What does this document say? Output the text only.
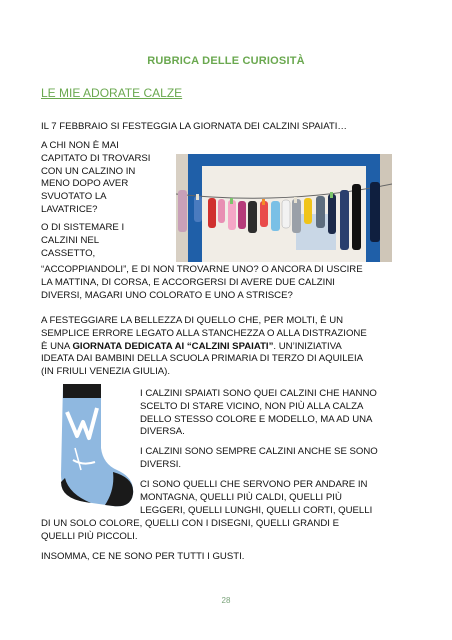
RUBRICA DELLE CURIOSITÀ
LE MIE ADORATE CALZE

IL 7 FEBBRAIO SI FESTEGGIA LA GIORNATA DEI CALZINI SPAIATI…

A CHI NON È MAI
CAPITATO DI TROVARSI
CON UN CALZINO IN
MENO DOPO AVER
SVUOTATO LA
LAVATRICE?

O DI SISTEMARE I
CALZINI NEL
CASSETTO,

“ACCOPPIANDOLI”, E DI NON TROVARNE UNO? O ANCORA DI USCIRE
LA MATTINA, DI CORSA, E ACCORGERSI DI AVERE DUE CALZINI
DIVERSI, MAGARI UNO COLORATO E UNO A STRISCE?

A FESTEGGIARE LA BELLEZZA DI QUELLO CHE, PER MOLTI, È UN
SEMPLICE ERRORE LEGATO ALLA STANCHEZZA O ALLA DISTRAZIONE
È UNA GIORNATA DEDICATA AI “CALZINI SPAIATI”. UN’INIZIATIVA
IDEATA DAI BAMBINI DELLA SCUOLA PRIMARIA DI TERZO DI AQUILEIA
(IN FRIULI VENEZIA GIULIA).

I CALZINI SPAIATI SONO QUEI CALZINI CHE HANNO
SCELTO DI STARE VICINO, NON PIÙ ALLA CALZA
DELLO STESSO COLORE E MODELLO, MA AD UNA
DIVERSA.

I CALZINI SONO SEMPRE CALZINI ANCHE SE SONO
DIVERSI.

CI SONO QUELLI CHE SERVONO PER ANDARE IN
MONTAGNA, QUELLI PIÙ CALDI, QUELLI PIÙ
LEGGERI, QUELLI LUNGHI, QUELLI CORTI, QUELLI

DI UN SOLO COLORE, QUELLI CON I DISEGNI, QUELLI GRANDI E
QUELLI PIÙ PICCOLI.

INSOMMA, CE NE SONO PER TUTTI I GUSTI.

28
